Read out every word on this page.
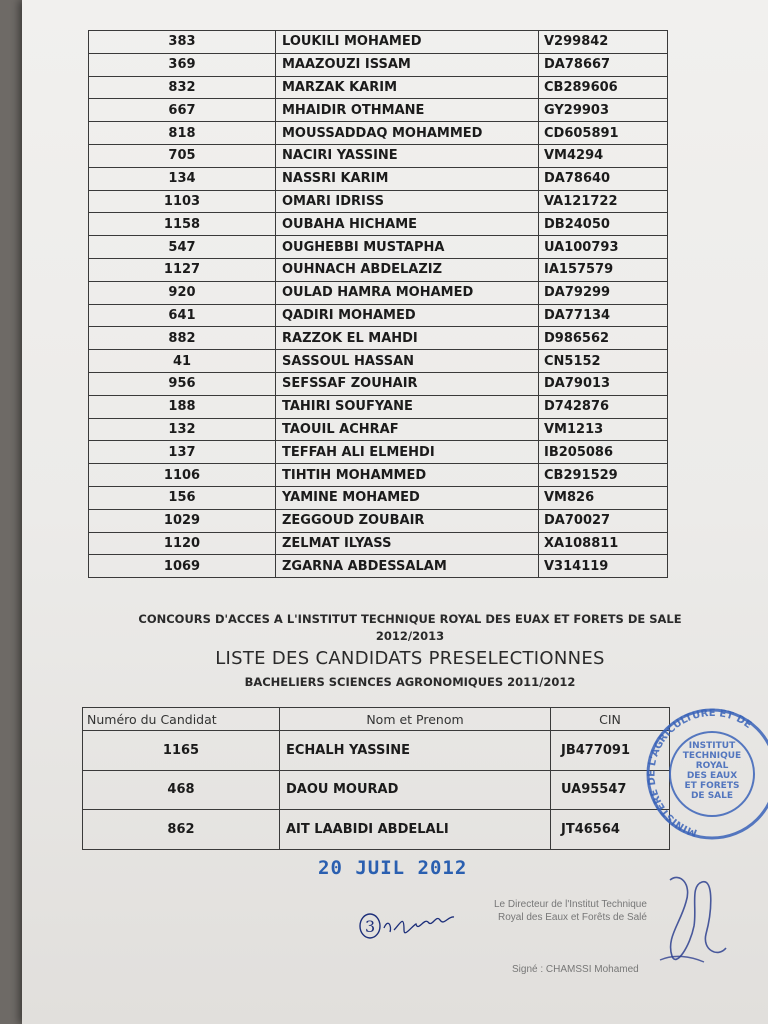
383	LOUKILI MOHAMED	V299842
369	MAAZOUZI ISSAM	DA78667
832	MARZAK KARIM	CB289606
667	MHAIDIR OTHMANE	GY29903
818	MOUSSADDAQ MOHAMMED	CD605891
705	NACIRI YASSINE	VM4294
134	NASSRI KARIM	DA78640
1103	OMARI IDRISS	VA121722
1158	OUBAHA HICHAME	DB24050
547	OUGHEBBI MUSTAPHA	UA100793
1127	OUHNACH ABDELAZIZ	IA157579
920	OULAD HAMRA MOHAMED	DA79299
641	QADIRI MOHAMED	DA77134
882	RAZZOK EL MAHDI	D986562
41	SASSOUL HASSAN	CN5152
956	SEFSSAF ZOUHAIR	DA79013
188	TAHIRI SOUFYANE	D742876
132	TAOUIL ACHRAF	VM1213
137	TEFFAH ALI ELMEHDI	IB205086
1106	TIHTIH MOHAMMED	CB291529
156	YAMINE MOHAMED	VM826
1029	ZEGGOUD ZOUBAIR	DA70027
1120	ZELMAT ILYASS	XA108811
1069	ZGARNA ABDESSALAM	V314119
CONCOURS D'ACCES A L'INSTITUT TECHNIQUE ROYAL DES EUAX ET FORETS DE SALE
2012/2013
LISTE DES CANDIDATS PRESELECTIONNES
BACHELIERS SCIENCES AGRONOMIQUES 2011/2012
Numéro du Candidat	Nom et Prenom	CIN
1165	ECHALH YASSINE	JB477091
468	DAOU MOURAD	UA95547
862	AIT LAABIDI ABDELALI	JT46564	MINISTERE DE L'AGRICULTURE ET DE
INSTITUT TECHNIQUE ROYAL DES EAUX ET FORETS DE SALE
20 JUIL 2012
3
Le Directeur de l'Institut Technique
Royal des Eaux et Forêts de Salé
Signé : CHAMSSI Mohamed
